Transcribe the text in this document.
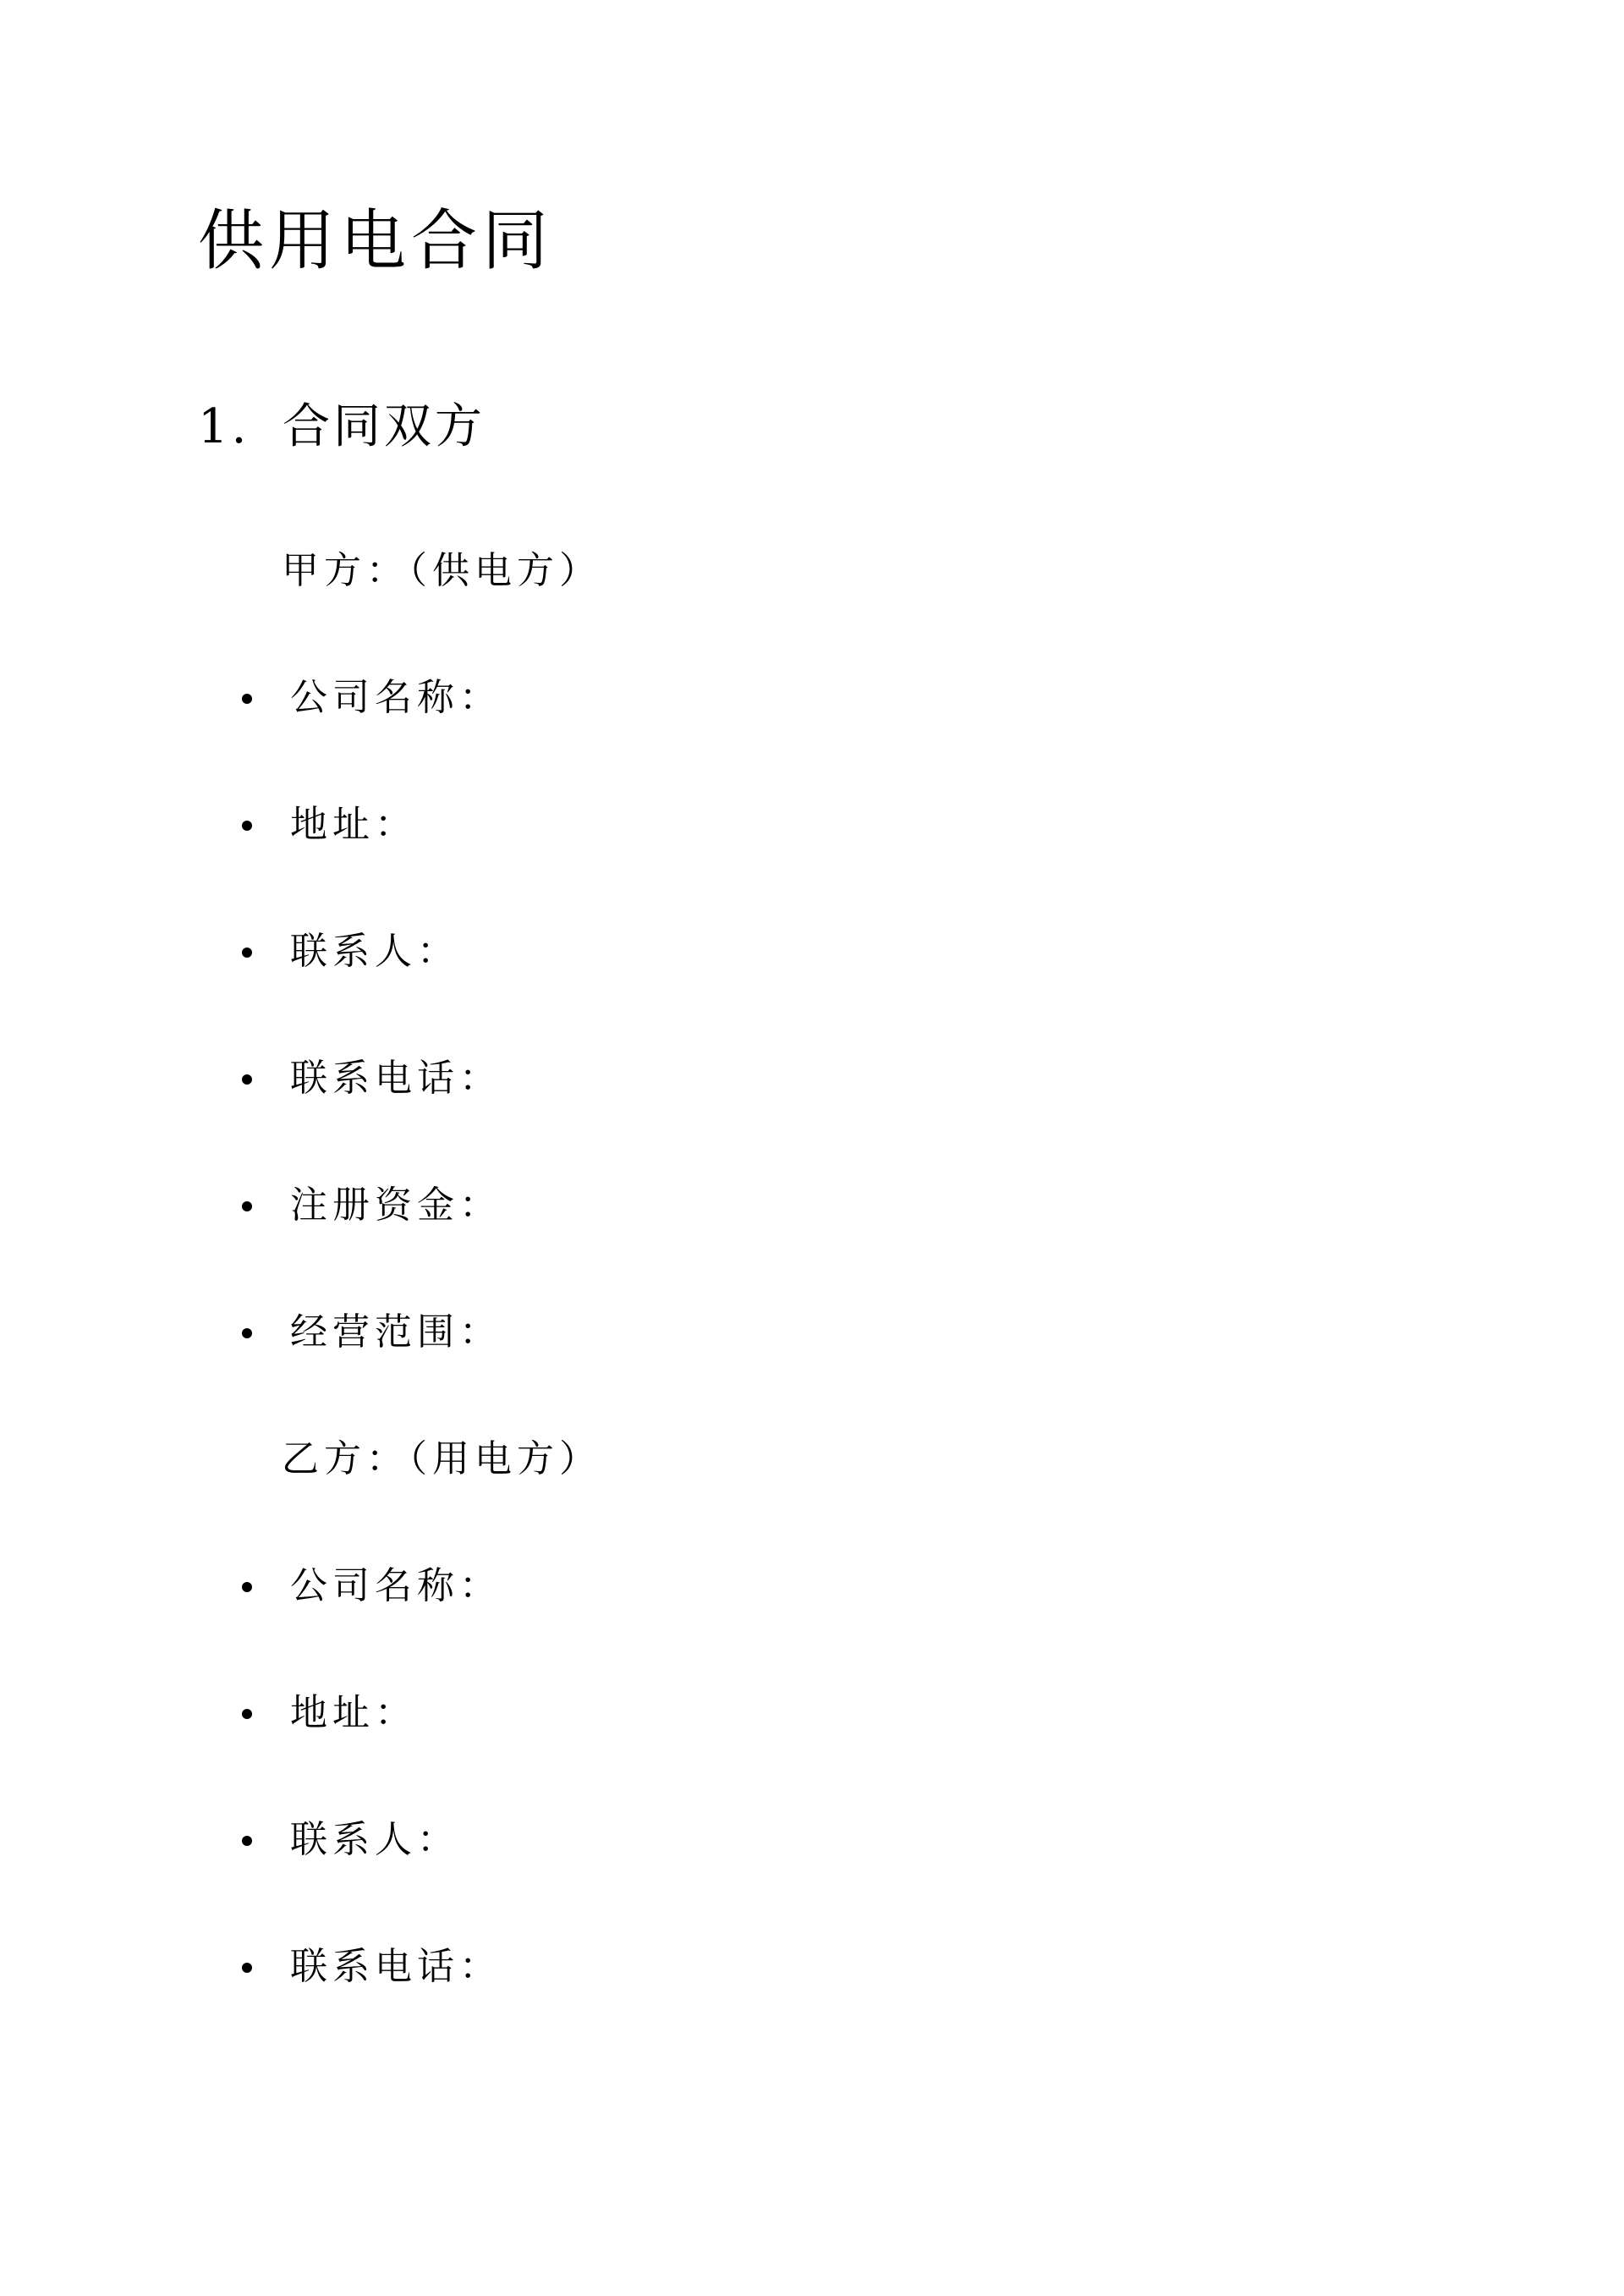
供用电合同
1. 合同双方
甲方：（供电方）
公司名称：
地址：
联系人：
联系电话：
注册资金：
经营范围：
乙方：（用电方）
公司名称：
地址：
联系人：
联系电话：
